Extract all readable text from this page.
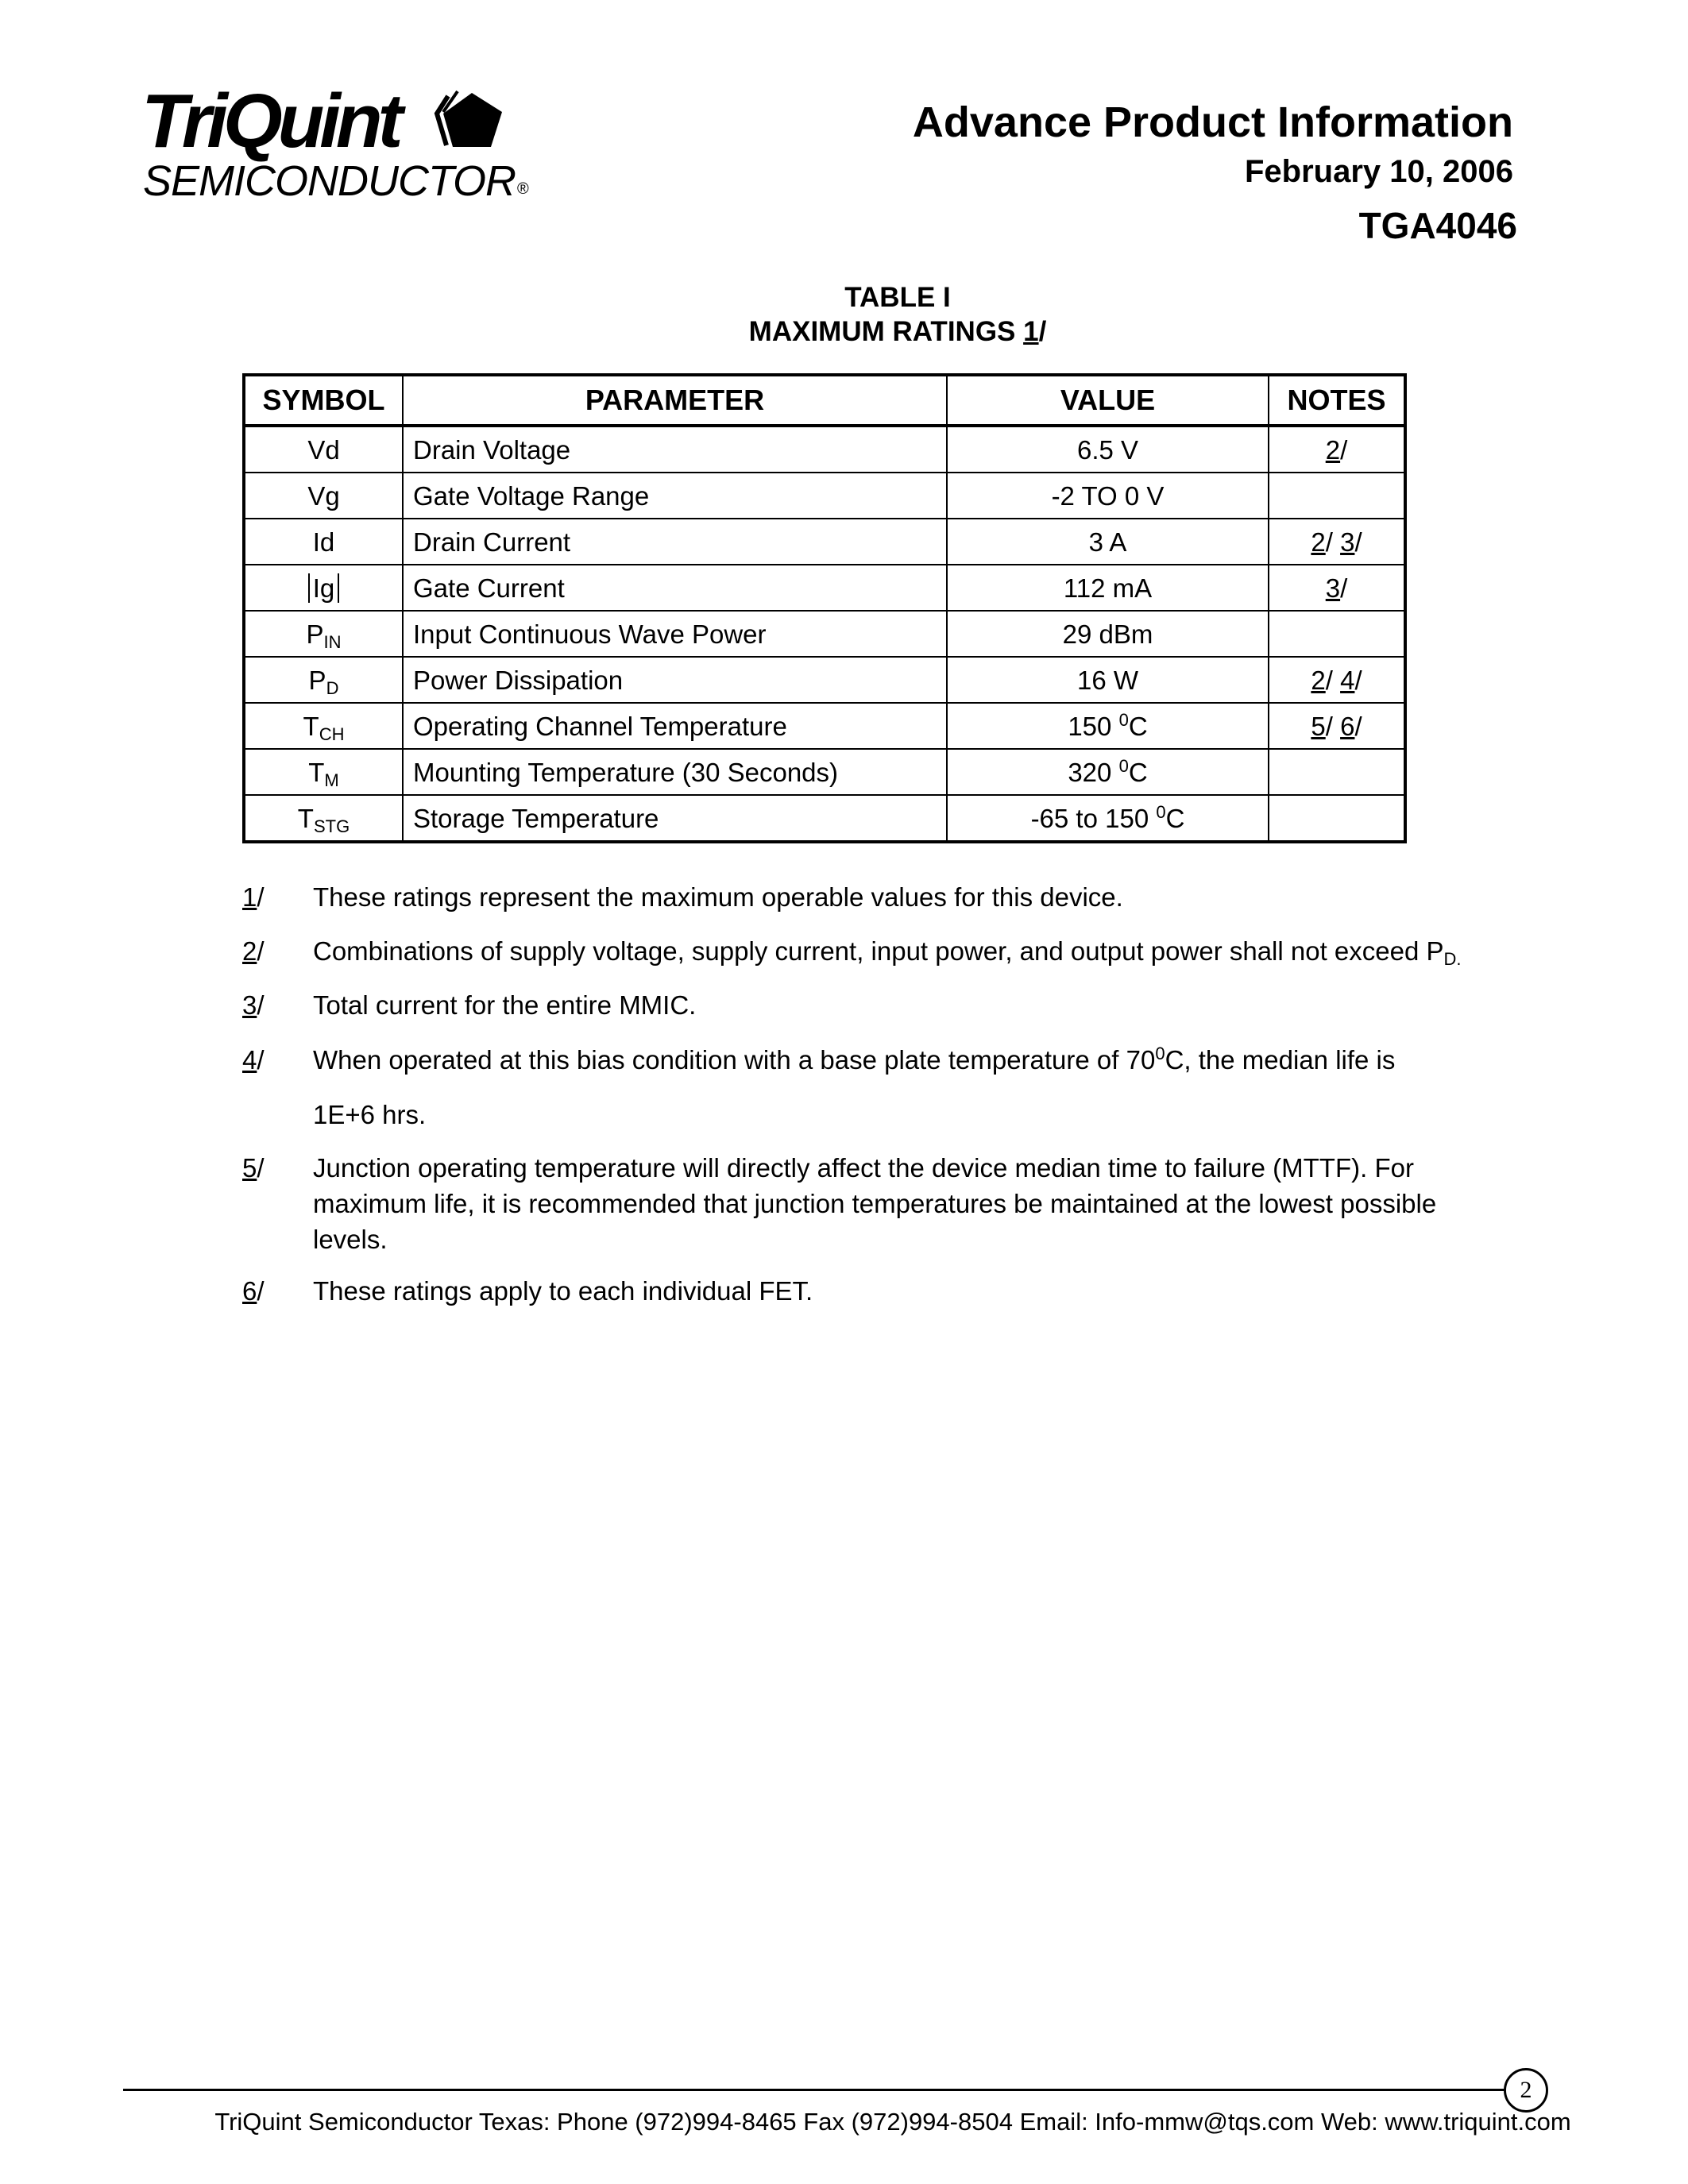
TriQuint
SEMICONDUCTOR ®
Advance Product Information
February 10, 2006
TGA4046
TABLE I
MAXIMUM RATINGS 1/
SYMBOL	PARAMETER	VALUE	NOTES
Vd	Drain Voltage	6.5 V	2/
Vg	Gate Voltage Range	-2 TO 0 V	
Id	Drain Current	3 A	2/ 3/
Ig	Gate Current	112 mA	3/
$P_{IN}$	Input Continuous Wave Power	29 dBm	
$P_D$	Power Dissipation	16 W	2/ 4/
$T_{CH}$	Operating Channel Temperature	150 $^0$C	5/ 6/
$T_M$	Mounting Temperature (30 Seconds)	320 $^0$C	
$T_{STG}$	Storage Temperature	-65 to 150 $^0$C	
1/ These ratings represent the maximum operable values for this device.
2/ Combinations of supply voltage, supply current, input power, and output power shall not exceed $P_{D.}$
3/ Total current for the entire MMIC.
4/ When operated at this bias condition with a base plate temperature of $70^0C$, the median life is
1E+6 hrs.
5/ Junction operating temperature will directly affect the device median time to failure (MTTF). For maximum life, it is recommended that junction temperatures be maintained at the lowest possible levels.
6/ These ratings apply to each individual FET.
2
TriQuint Semiconductor Texas: Phone (972)994-8465 Fax (972)994-8504 Email: Info-mmw@tqs.com Web: www.triquint.com
